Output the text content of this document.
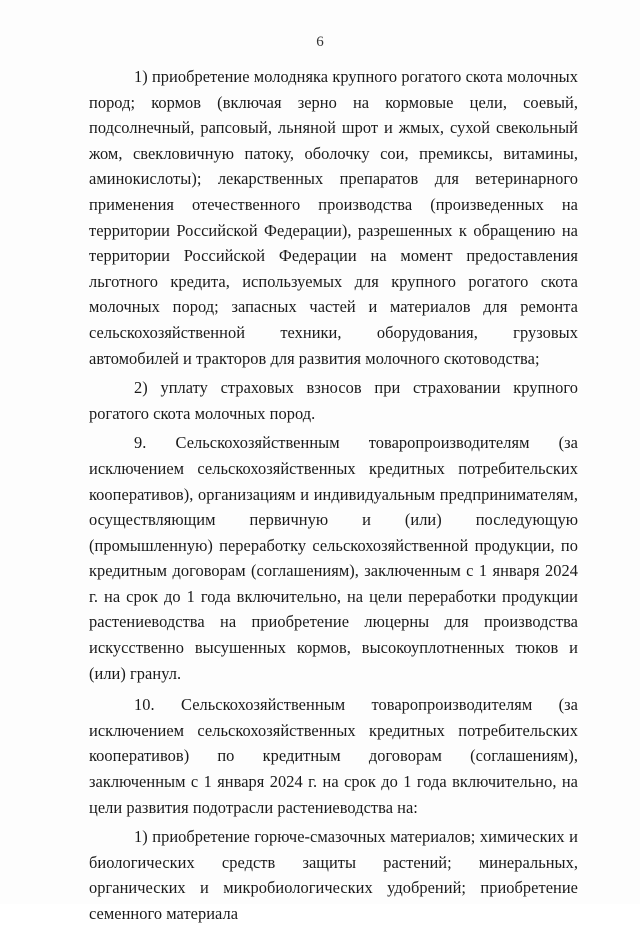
6

1) приобретение молодняка крупного рогатого скота молочных пород; кормов (включая зерно на кормовые цели, соевый, подсолнечный, рапсовый, льняной шрот и жмых, сухой свекольный жом, свекловичную патоку, оболочку сои, премиксы, витамины, аминокислоты); лекарственных препаратов для ветеринарного применения отечественного производства (произведенных на территории Российской Федерации), разрешенных к обращению на территории Российской Федерации на момент предоставления льготного кредита, используемых для крупного рогатого скота молочных пород; запасных частей и материалов для ремонта сельскохозяйственной техники, оборудования, грузовых автомобилей и тракторов для развития молочного скотоводства;

2) уплату страховых взносов при страховании крупного рогатого скота молочных пород.

9. Сельскохозяйственным товаропроизводителям (за исключением сельскохозяйственных кредитных потребительских кооперативов), организациям и индивидуальным предпринимателям, осуществляющим первичную и (или) последующую (промышленную) переработку сельскохозяйственной продукции, по кредитным договорам (соглашениям), заключенным с 1 января 2024 г. на срок до 1 года включительно, на цели переработки продукции растениеводства на приобретение люцерны для производства искусственно высушенных кормов, высокоуплотненных тюков и (или) гранул.

10. Сельскохозяйственным товаропроизводителям (за исключением сельскохозяйственных кредитных потребительских кооперативов) по кредитным договорам (соглашениям), заключенным с 1 января 2024 г. на срок до 1 года включительно, на цели развития подотрасли растениеводства на:

1) приобретение горюче-смазочных материалов; химических и биологических средств защиты растений; минеральных, органических и микробиологических удобрений; приобретение семенного материала
